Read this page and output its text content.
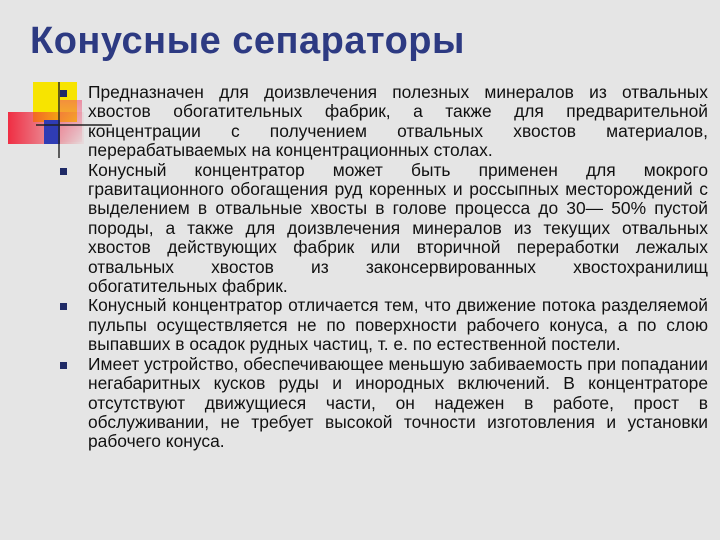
Конусные сепараторы
Предназначен для доизвлечения полезных минералов из отвальных хвостов обогатительных фабрик, а также для предварительной концентрации с получением отвальных хвостов материалов, перерабатываемых на концентрационных столах.
Конусный концентратор может быть применен для мокрого гравитационного обогащения руд коренных и россыпных месторождений с выделением в отвальные хвосты в голове процесса до 30— 50% пустой породы, а также для доизвлечения минералов из текущих отвальных хвостов действующих фабрик или вторичной переработки лежалых отвальных хвостов из законсервированных хвостохранилищ обогатительных фабрик.
Конусный концентратор отличается тем, что движение потока разделяемой пульпы осуществляется не по поверхности рабочего конуса, а по слою выпавших в осадок рудных частиц, т. е. по естественной постели.
Имеет устройство, обеспечивающее меньшую забиваемость при попадании негабаритных кусков руды и инородных включений. В концентраторе отсутствуют движущиеся части, он надежен в работе, прост в обслуживании, не требует высокой точности изготовления и установки рабочего конуса.
